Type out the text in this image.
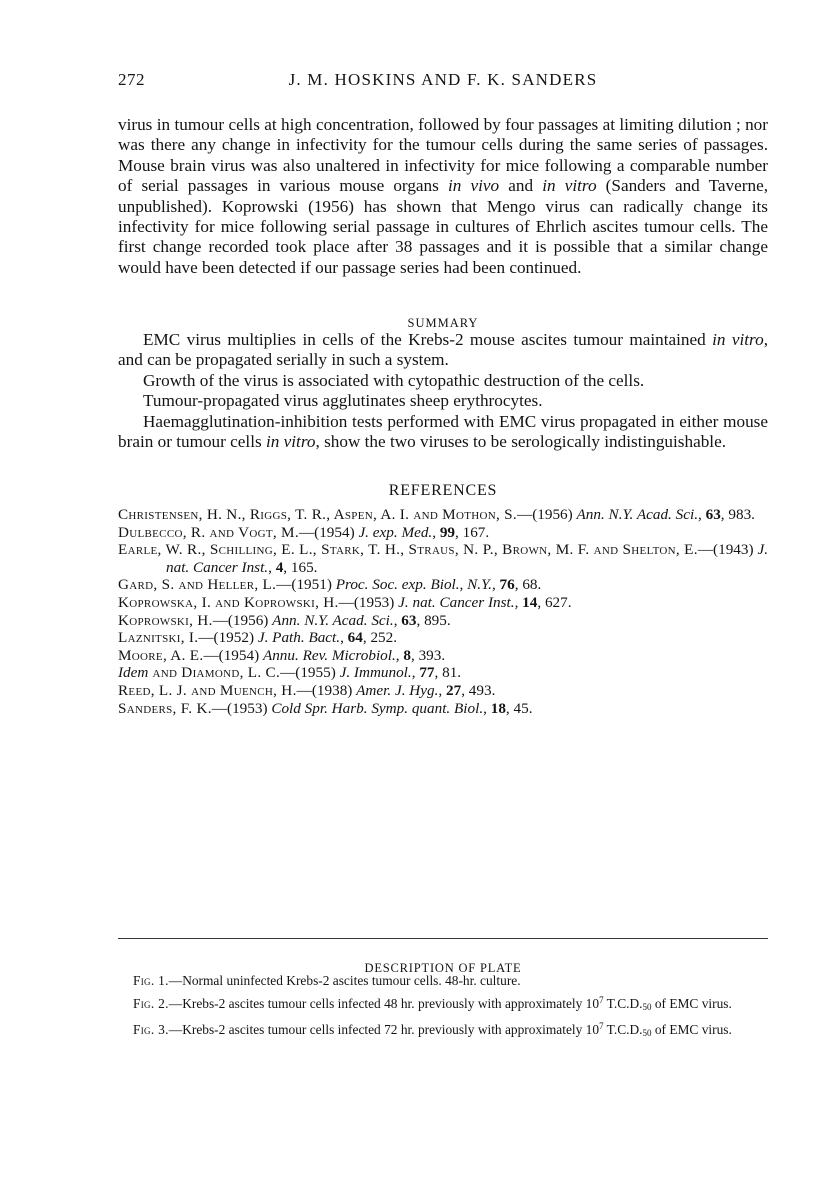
272	J. M. HOSKINS AND F. K. SANDERS

virus in tumour cells at high concentration, followed by four passages at limiting dilution ; nor was there any change in infectivity for the tumour cells during the same series of passages. Mouse brain virus was also unaltered in infectivity for mice following a comparable number of serial passages in various mouse organs in vivo and in vitro (Sanders and Taverne, unpublished). Koprowski (1956) has shown that Mengo virus can radically change its infectivity for mice following serial passage in cultures of Ehrlich ascites tumour cells. The first change recorded took place after 38 passages and it is possible that a similar change would have been detected if our passage series had been continued.

SUMMARY

EMC virus multiplies in cells of the Krebs-2 mouse ascites tumour maintained in vitro, and can be propagated serially in such a system.

Growth of the virus is associated with cytopathic destruction of the cells.

Tumour-propagated virus agglutinates sheep erythrocytes.

Haemagglutination-inhibition tests performed with EMC virus propagated in either mouse brain or tumour cells in vitro, show the two viruses to be serologically indistinguishable.

REFERENCES

Christensen, H. N., Riggs, T. R., Aspen, A. I. and Mothon, S.—(1956) Ann. N.Y. Acad. Sci., 63, 983.

Dulbecco, R. and Vogt, M.—(1954) J. exp. Med., 99, 167.

Earle, W. R., Schilling, E. L., Stark, T. H., Straus, N. P., Brown, M. F. and Shelton, E.—(1943) J. nat. Cancer Inst., 4, 165.

Gard, S. and Heller, L.—(1951) Proc. Soc. exp. Biol., N.Y., 76, 68.

Koprowska, I. and Koprowski, H.—(1953) J. nat. Cancer Inst., 14, 627.

Koprowski, H.—(1956) Ann. N.Y. Acad. Sci., 63, 895.

Laznitski, I.—(1952) J. Path. Bact., 64, 252.

Moore, A. E.—(1954) Annu. Rev. Microbiol., 8, 393.

Idem and Diamond, L. C.—(1955) J. Immunol., 77, 81.

Reed, L. J. and Muench, H.—(1938) Amer. J. Hyg., 27, 493.

Sanders, F. K.—(1953) Cold Spr. Harb. Symp. quant. Biol., 18, 45.

DESCRIPTION OF PLATE

Fig. 1.—Normal uninfected Krebs-2 ascites tumour cells. 48-hr. culture.

Fig. 2.—Krebs-2 ascites tumour cells infected 48 hr. previously with approximately $10^7$ $T.C.D._{50}$ of EMC virus.

Fig. 3.—Krebs-2 ascites tumour cells infected 72 hr. previously with approximately $10^7$ $T.C.D._{50}$ of EMC virus.
